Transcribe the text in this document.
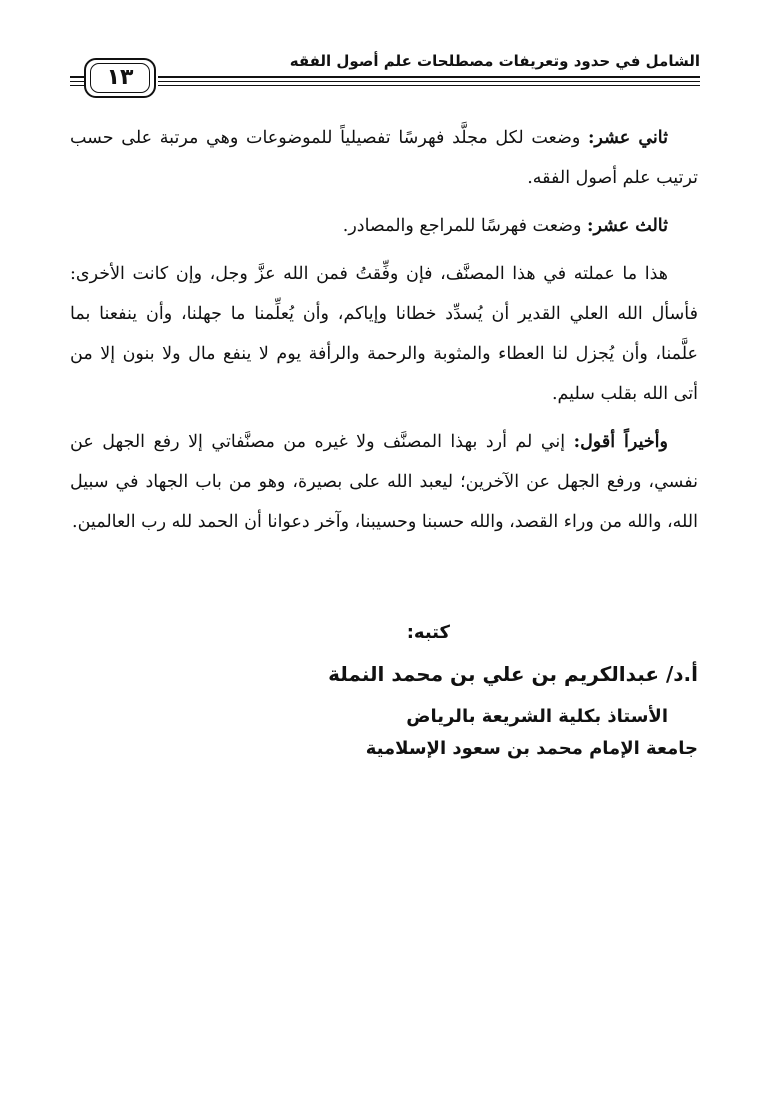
الشامل في حدود وتعريفات مصطلحات علم أصول الفقه
١٣

ثاني عشر: وضعت لكل مجلَّد فهرسًا تفصيلياً للموضوعات وهي مرتبة على حسب ترتيب علم أصول الفقه.

ثالث عشر: وضعت فهرسًا للمراجع والمصادر.

هذا ما عملته في هذا المصنَّف، فإن وفِّقتُ فمن الله عزَّ وجل، وإن كانت الأخرى: فأسأل الله العلي القدير أن يُسدِّد خطانا وإياكم، وأن يُعلِّمنا ما جهلنا، وأن ينفعنا بما علَّمنا، وأن يُجزل لنا العطاء والمثوبة والرحمة والرأفة يوم لا ينفع مال ولا بنون إلا من أتى الله بقلب سليم.

وأخيراً أقول: إني لم أرد بهذا المصنَّف ولا غيره من مصنَّفاتي إلا رفع الجهل عن نفسي، ورفع الجهل عن الآخرين؛ ليعبد الله على بصيرة، وهو من باب الجهاد في سبيل الله، والله من وراء القصد، والله حسبنا وحسيبنا، وآخر دعوانا أن الحمد لله رب العالمين.

كتبه:
أ.د/ عبدالكريم بن علي بن محمد النملة
الأستاذ بكلية الشريعة بالرياض
جامعة الإمام محمد بن سعود الإسلامية
